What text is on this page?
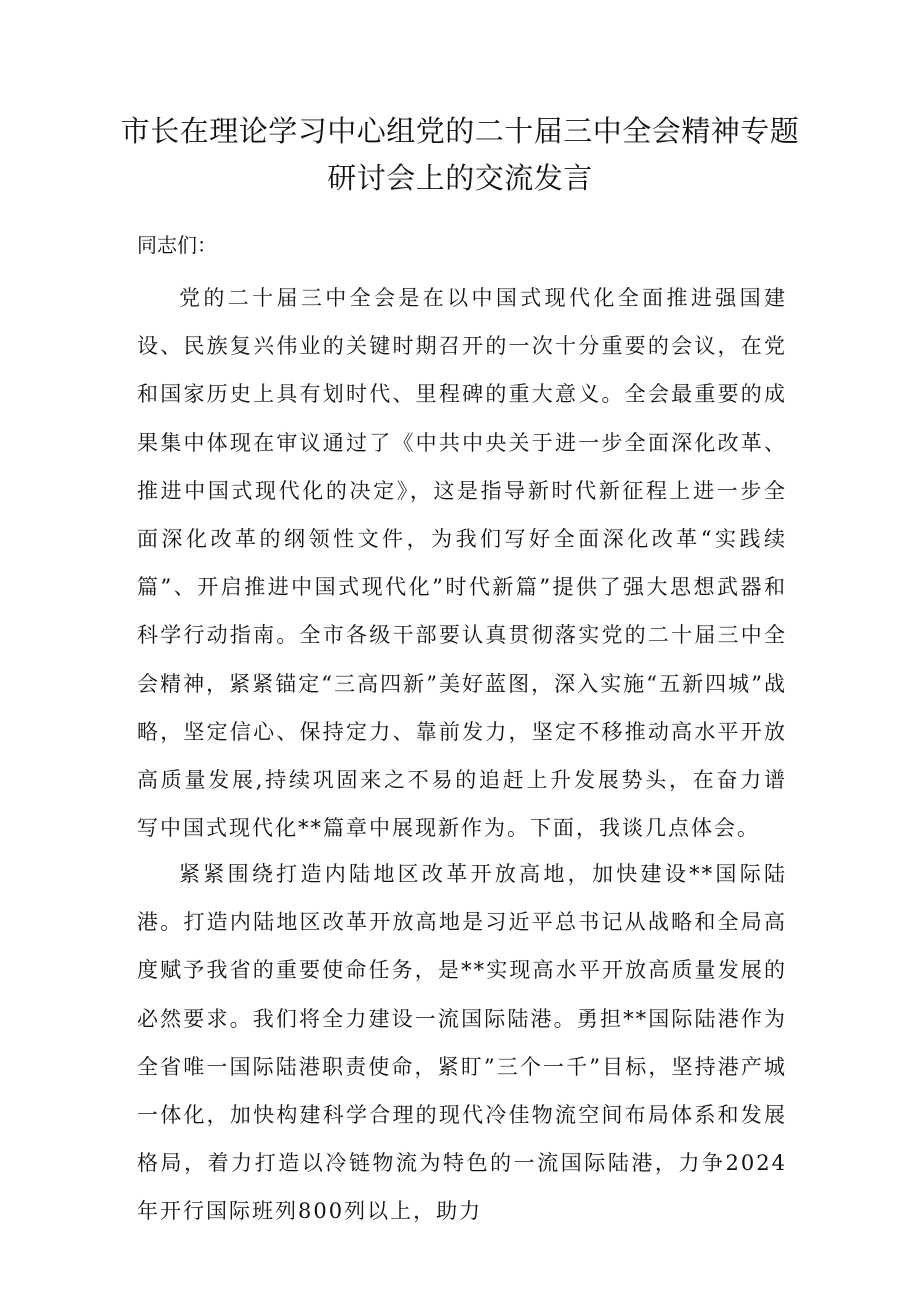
市长在理论学习中心组党的二十届三中全会精神专题
研讨会上的交流发言

同志们：

党的二十届三中全会是在以中国式现代化全面推进强国建设、民族复兴伟业的关键时期召开的一次十分重要的会议，在党和国家历史上具有划时代、里程碑的重大意义。全会最重要的成果集中体现在审议通过了《中共中央关于进一步全面深化改革、推进中国式现代化的决定》，这是指导新时代新征程上进一步全面深化改革的纲领性文件，为我们写好全面深化改革“实践续篇”、开启推进中国式现代化”时代新篇”提供了强大思想武器和科学行动指南。全市各级干部要认真贯彻落实党的二十届三中全会精神，紧紧锚定“三高四新”美好蓝图，深入实施“五新四城”战略，坚定信心、保持定力、靠前发力，坚定不移推动高水平开放高质量发展,持续巩固来之不易的追赶上升发展势头，在奋力谱写中国式现代化**篇章中展现新作为。下面，我谈几点体会。

紧紧围绕打造内陆地区改革开放高地，加快建设**国际陆港。打造内陆地区改革开放高地是习近平总书记从战略和全局高度赋予我省的重要使命任务，是**实现高水平开放高质量发展的必然要求。我们将全力建设一流国际陆港。勇担**国际陆港作为全省唯一国际陆港职责使命，紧盯”三个一千”目标，坚持港产城一体化，加快构建科学合理的现代冷佳物流空间布局体系和发展格局，着力打造以冷链物流为特色的一流国际陆港，力争2024年开行国际班列800列以上，助力
